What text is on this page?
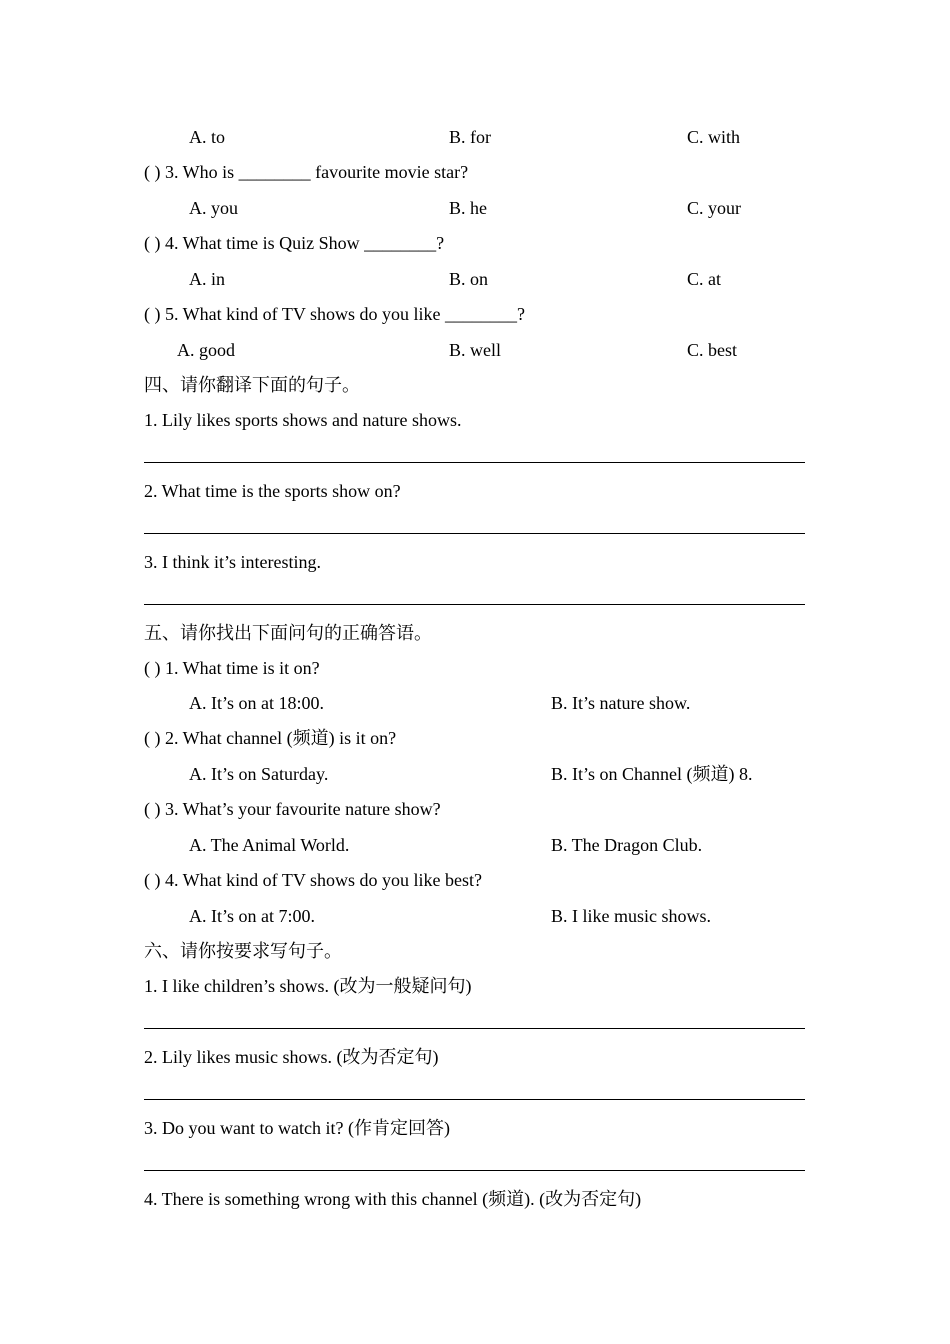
A. to	B. for	C. with
( ) 3. Who is ________ favourite movie star?
A. you	B. he	C. your
( ) 4. What time is Quiz Show ________?
A. in	B. on	C. at
( ) 5. What kind of TV shows do you like ________?
A. good	B. well	C. best
四、请你翻译下面的句子。
1. Lily likes sports shows and nature shows.
2. What time is the sports show on?
3. I think it’s interesting.
五、请你找出下面问句的正确答语。
( ) 1. What time is it on?
A. It’s on at 18:00.	B. It’s nature show.
( ) 2. What channel (频道) is it on?
A. It’s on Saturday.	B. It’s on Channel (频道) 8.
( ) 3. What’s your favourite nature show?
A. The Animal World.	B. The Dragon Club.
( ) 4. What kind of TV shows do you like best?
A. It’s on at 7:00.	B. I like music shows.
六、请你按要求写句子。
1. I like children’s shows. (改为一般疑问句)
2. Lily likes music shows. (改为否定句)
3. Do you want to watch it? (作肯定回答)
4. There is something wrong with this channel (频道). (改为否定句)
